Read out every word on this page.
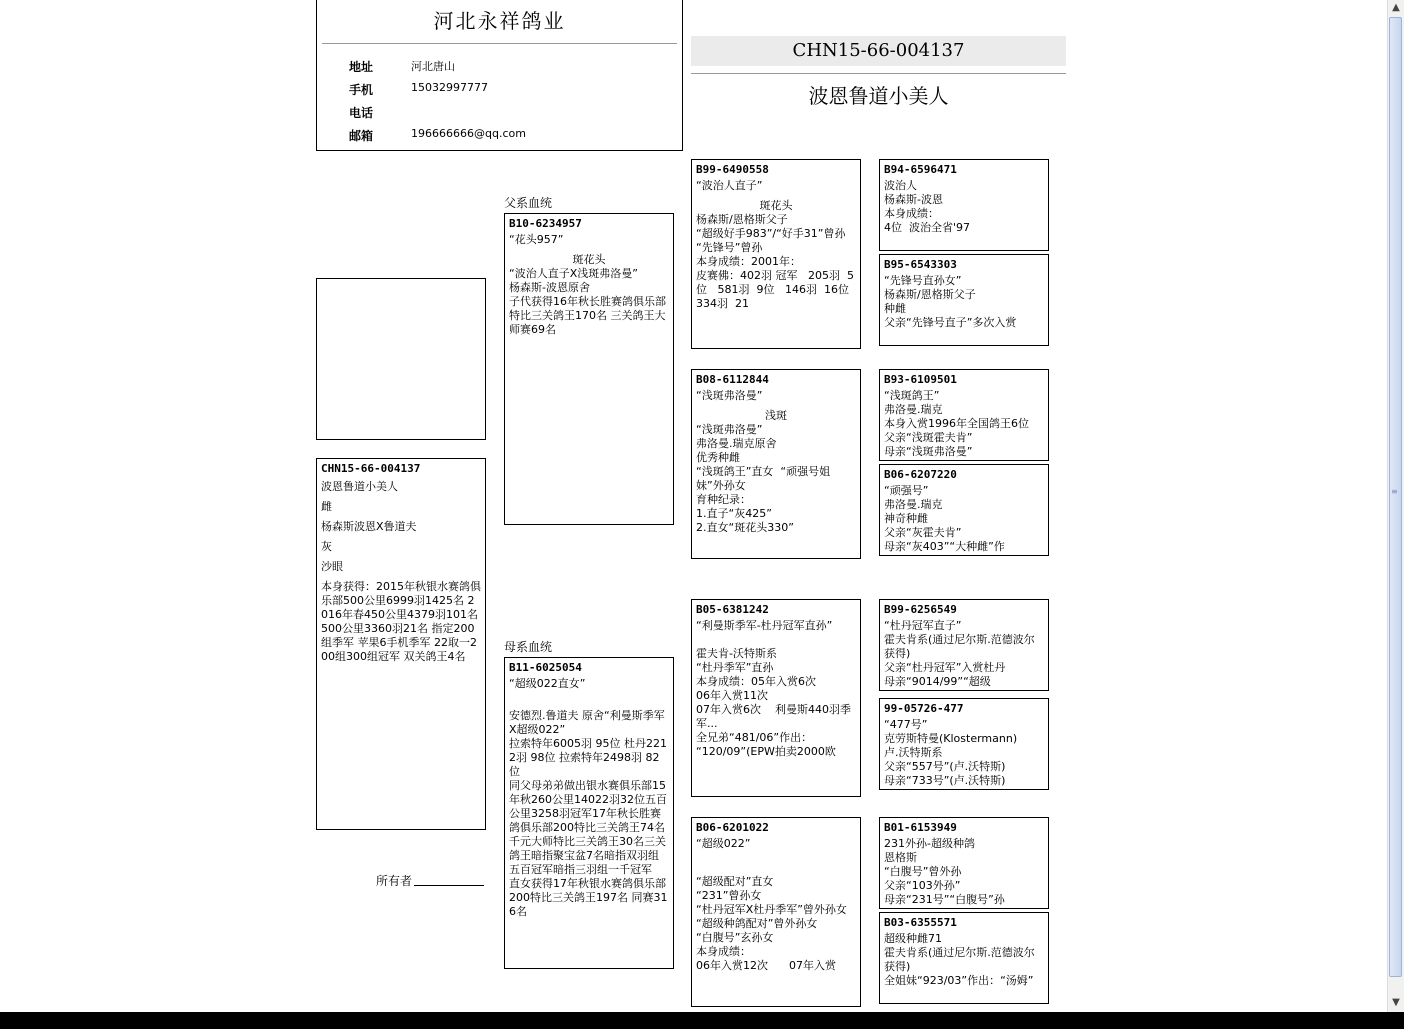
河北永祥鸽业
地址	河北唐山
手机	15032997777
电话
邮箱	196666666@qq.com
CHN15-66-004137
波恩鲁道小美人
CHN15-66-004137
波恩鲁道小美人
雌
杨森斯波恩X鲁道夫
灰
沙眼
本身获得：2015年秋银水赛鸽俱乐部500公里6999羽1425名 2016年春450公里4379羽101名 500公里3360羽21名 指定200组季军 苹果6手机季军 22取一200组300组冠军 双关鸽王4名
所有者
父系血统
B10-6234957
“花头957”
斑花头
“波治人直子X浅斑弗洛曼”
杨森斯-波恩原舍
子代获得16年秋长胜赛鸽俱乐部特比三关鸽王170名 三关鸽王大师赛69名
母系血统
B11-6025054
“超级022直女”
安德烈.鲁道夫 原舍“利曼斯季军X超级022”
拉索特年6005羽 95位 杜丹2212羽 98位 拉索特年2498羽 82位
同父母弟弟做出银水赛俱乐部15年秋260公里14022羽32位五百公里3258羽冠军17年秋长胜赛鸽俱乐部200特比三关鸽王74名千元大师特比三关鸽王30名三关鸽王暗指聚宝盆7名暗指双羽组五百冠军暗指三羽组一千冠军
直女获得17年秋银水赛鸽俱乐部200特比三关鸽王197名 同赛316名
B99-6490558
“波治人直子”
斑花头
杨森斯/恩格斯父子
“超级好手983”/“好手31”曾孙
“先锋号”曾孙
本身成绩：2001年：
皮赛佛：402羽 冠军   205羽  5位   581羽  9位   146羽  16位   334羽  21
B08-6112844
“浅斑弗洛曼”
浅斑
“浅斑弗洛曼”
弗洛曼.瑞克原舍
优秀种雌
“浅斑鸽王”直女  “顽强号姐妹”外孙女
育种纪录：
1.直子“灰425”
2.直女“斑花头330”
B05-6381242
“利曼斯季军-杜丹冠军直孙”
霍夫肯-沃特斯系
“杜丹季军”直孙
本身成绩：05年入赏6次
06年入赏11次
07年入赏6次    利曼斯440羽季军...
全兄弟“481/06”作出：
“120/09”(EPW拍卖2000欧
B06-6201022
“超级022”
“超级配对”直女
“231”曾孙女
“杜丹冠军X杜丹季军”曾外孙女
“超级种鸽配对”曾外孙女
“白腹号”玄孙女
本身成绩：
06年入赏12次      07年入赏
B94-6596471
波治人
杨森斯-波恩
本身成绩：
4位  波治全省'97
B95-6543303
“先锋号直孙女”
杨森斯/恩格斯父子
种雌
父亲“先锋号直子”多次入赏
B93-6109501
“浅斑鸽王”
弗洛曼.瑞克
本身入赏1996年全国鸽王6位
父亲“浅斑霍夫肯”
母亲“浅斑弗洛曼”
B06-6207220
“顽强号”
弗洛曼.瑞克
神奇种雌
父亲“灰霍夫肯”
母亲“灰403”“大种雌”作
B99-6256549
“杜丹冠军直子”
霍夫肯系(通过尼尔斯.范德波尔获得)
父亲“杜丹冠军”入赏杜丹
母亲“9014/99”“超级
99-05726-477
“477号”
克劳斯特曼(Klostermann)
卢.沃特斯系
父亲“557号”(卢.沃特斯)
母亲“733号”(卢.沃特斯)
B01-6153949
231外孙-超级种鸽
恩格斯
“白腹号”曾外孙
父亲“103外孙”
母亲“231号”“白腹号”孙
B03-6355571
超级种雌71
霍夫肯系(通过尼尔斯.范德波尔获得)
全姐妹“923/03”作出：“汤姆”
▲
≡
▼
